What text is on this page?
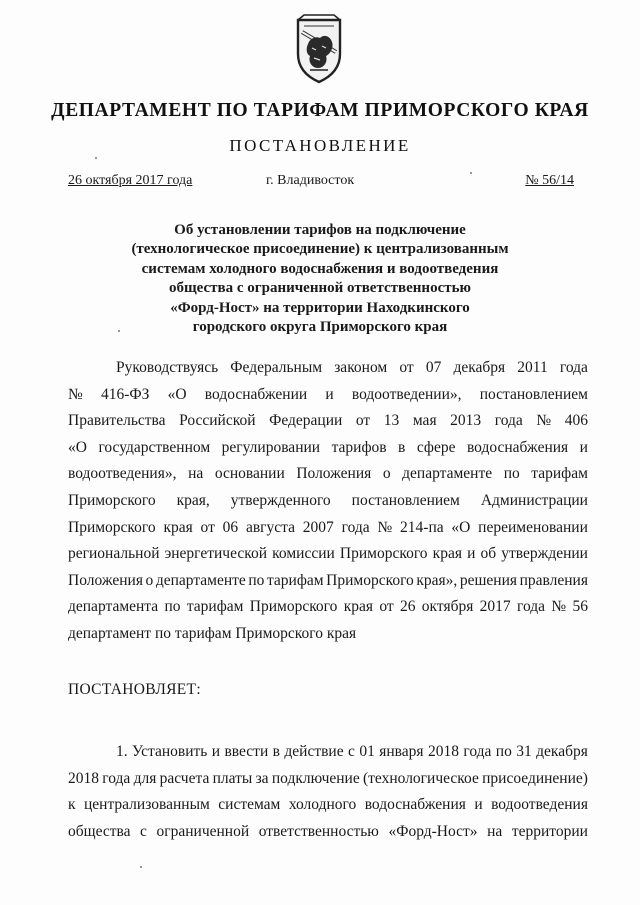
ДЕПАРТАМЕНТ ПО ТАРИФАМ ПРИМОРСКОГО КРАЯ
ПОСТАНОВЛЕНИЕ
26 октября 2017 года	г. Владивосток	№ 56/14
Об установлении тарифов на подключение
(технологическое присоединение) к централизованным
системам холодного водоснабжения и водоотведения
общества с ограниченной ответственностью
«Форд-Ност» на территории Находкинского
городского округа Приморского края
Руководствуясь Федеральным законом от 07 декабря 2011 года
№ 416-ФЗ «О водоснабжении и водоотведении», постановлением
Правительства Российской Федерации от 13 мая 2013 года № 406
«О государственном регулировании тарифов в сфере водоснабжения и
водоотведения», на основании Положения о департаменте по тарифам
Приморского края, утвержденного постановлением Администрации
Приморского края от 06 августа 2007 года № 214-па «О переименовании
региональной энергетической комиссии Приморского края и об утверждении
Положения о департаменте по тарифам Приморского края», решения правления
департамента по тарифам Приморского края от 26 октября 2017 года № 56
департамент по тарифам Приморского края
ПОСТАНОВЛЯЕТ:
1. Установить и ввести в действие с 01 января 2018 года по 31 декабря
2018 года для расчета платы за подключение (технологическое присоединение)
к централизованным системам холодного водоснабжения и водоотведения
общества с ограниченной ответственностью «Форд-Ност» на территории
